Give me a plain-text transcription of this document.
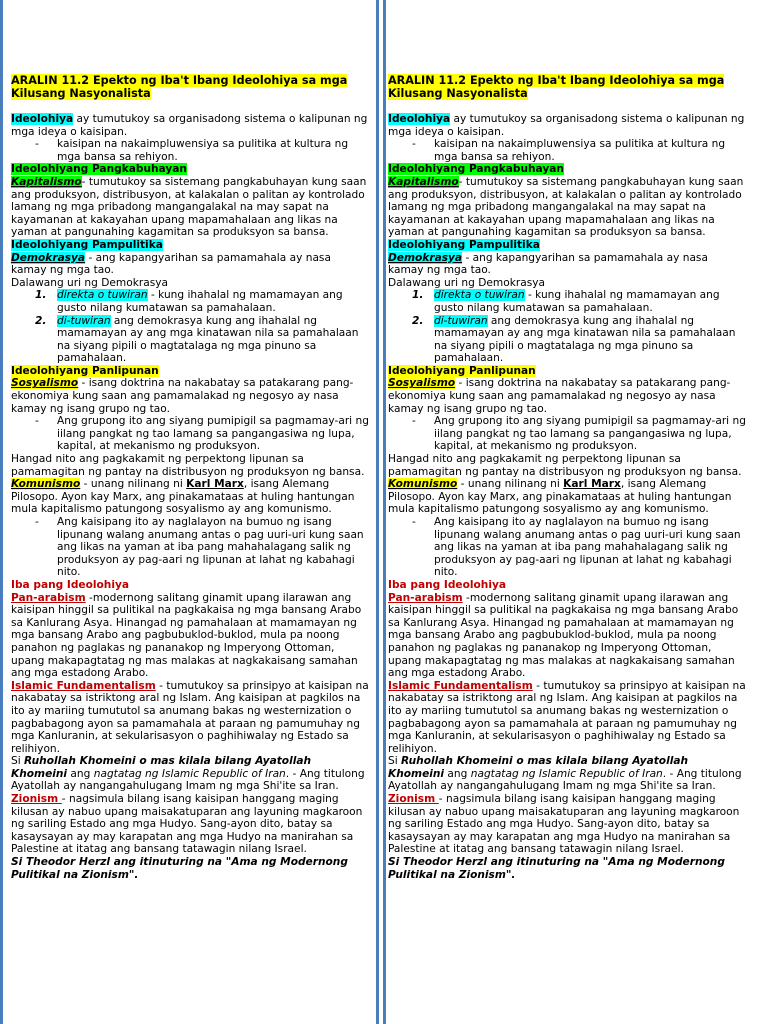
ARALIN 11.2 Epekto ng Iba't Ibang Ideolohiya sa mga Kilusang Nasyonalista

Ideolohiya ay tumutukoy sa organisadong sistema o kalipunan ng mga ideya o kaisipan.

- kaisipan na nakaimpluwensiya sa pulitika at kultura ng mga bansa sa rehiyon.

Ideolohiyang Pangkabuhayan

Kapitalismo- tumutukoy sa sistemang pangkabuhayan kung saan ang produksyon, distribusyon, at kalakalan o palitan ay kontrolado lamang ng mga pribadong mangangalakal na may sapat na kayamanan at kakayahan upang mapamahalaan ang likas na yaman at pangunahing kagamitan sa produksyon sa bansa.

Ideolohiyang Pampulitika

Demokrasya - ang kapangyarihan sa pamamahala ay nasa kamay ng mga tao.

Dalawang uri ng Demokrasya

1. direkta o tuwiran - kung ihahalal ng mamamayan ang gusto nilang kumatawan sa pamahalaan.
2. di-tuwiran ang demokrasya kung ang ihahalal ng mamamayan ay ang mga kinatawan nila sa pamahalaan na siyang pipili o magtatalaga ng mga pinuno sa pamahalaan.

Ideolohiyang Panlipunan

Sosyalismo - isang doktrina na nakabatay sa patakarang pang-ekonomiya kung saan ang pamamalakad ng negosyo ay nasa kamay ng isang grupo ng tao.

- Ang grupong ito ang siyang pumipigil sa pagmamay-ari ng iilang pangkat ng tao lamang sa pangangasiwa ng lupa, kapital, at mekanismo ng produksyon.

Hangad nito ang pagkakamit ng perpektong lipunan sa pamamagitan ng pantay na distribusyon ng produksyon ng bansa.

Komunismo - unang nilinang ni Karl Marx, isang Alemang Pilosopo. Ayon kay Marx, ang pinakamataas at huling hantungan mula kapitalismo patungong sosyalismo ay ang komunismo.

- Ang kaisipang ito ay naglalayon na bumuo ng isang lipunang walang anumang antas o pag uuri-uri kung saan ang likas na yaman at iba pang mahahalagang salik ng produksyon ay pag-aari ng lipunan at lahat ng kabahagi nito.

Iba pang Ideolohiya

Pan-arabism -modernong salitang ginamit upang ilarawan ang kaisipan hinggil sa pulitikal na pagkakaisa ng mga bansang Arabo sa Kanlurang Asya. Hinangad ng pamahalaan at mamamayan ng mga bansang Arabo ang pagbubuklod-buklod, mula pa noong panahon ng paglakas ng pananakop ng Imperyong Ottoman, upang makapagtatag ng mas malakas at nagkakaisang samahan ang mga estadong Arabo.

Islamic Fundamentalism - tumutukoy sa prinsipyo at kaisipan na nakabatay sa istriktong aral ng Islam. Ang kaisipan at pagkilos na ito ay mariing tumututol sa anumang bakas ng westernization o pagbabagong ayon sa pamamahala at paraan ng pamumuhay ng mga Kanluranin, at sekularisasyon o paghihiwalay ng Estado sa relihiyon.

Si Ruhollah Khomeini o mas kilala bilang Ayatollah Khomeini ang nagtatag ng Islamic Republic of Iran. - Ang titulong Ayatollah ay nangangahulugang Imam ng mga Shi'ite sa Iran.

Zionism - nagsimula bilang isang kaisipan hanggang maging kilusan ay nabuo upang maisakatuparan ang layuning magkaroon ng sariling Estado ang mga Hudyo. Sang-ayon dito, batay sa kasaysayan ay may karapatan ang mga Hudyo na manirahan sa Palestine at itatag ang bansang tatawagin nilang Israel.

Si Theodor Herzl ang itinuturing na "Ama ng Modernong Pulitikal na Zionism".

ARALIN 11.2 Epekto ng Iba't Ibang Ideolohiya sa mga Kilusang Nasyonalista

Ideolohiya ay tumutukoy sa organisadong sistema o kalipunan ng mga ideya o kaisipan.

- kaisipan na nakaimpluwensiya sa pulitika at kultura ng mga bansa sa rehiyon.

Ideolohiyang Pangkabuhayan

Kapitalismo- tumutukoy sa sistemang pangkabuhayan kung saan ang produksyon, distribusyon, at kalakalan o palitan ay kontrolado lamang ng mga pribadong mangangalakal na may sapat na kayamanan at kakayahan upang mapamahalaan ang likas na yaman at pangunahing kagamitan sa produksyon sa bansa.

Ideolohiyang Pampulitika

Demokrasya - ang kapangyarihan sa pamamahala ay nasa kamay ng mga tao.

Dalawang uri ng Demokrasya

1. direkta o tuwiran - kung ihahalal ng mamamayan ang gusto nilang kumatawan sa pamahalaan.
2. di-tuwiran ang demokrasya kung ang ihahalal ng mamamayan ay ang mga kinatawan nila sa pamahalaan na siyang pipili o magtatalaga ng mga pinuno sa pamahalaan.

Ideolohiyang Panlipunan

Sosyalismo - isang doktrina na nakabatay sa patakarang pang-ekonomiya kung saan ang pamamalakad ng negosyo ay nasa kamay ng isang grupo ng tao.

- Ang grupong ito ang siyang pumipigil sa pagmamay-ari ng iilang pangkat ng tao lamang sa pangangasiwa ng lupa, kapital, at mekanismo ng produksyon.

Hangad nito ang pagkakamit ng perpektong lipunan sa pamamagitan ng pantay na distribusyon ng produksyon ng bansa.

Komunismo - unang nilinang ni Karl Marx, isang Alemang Pilosopo. Ayon kay Marx, ang pinakamataas at huling hantungan mula kapitalismo patungong sosyalismo ay ang komunismo.

- Ang kaisipang ito ay naglalayon na bumuo ng isang lipunang walang anumang antas o pag uuri-uri kung saan ang likas na yaman at iba pang mahahalagang salik ng produksyon ay pag-aari ng lipunan at lahat ng kabahagi nito.

Iba pang Ideolohiya

Pan-arabism -modernong salitang ginamit upang ilarawan ang kaisipan hinggil sa pulitikal na pagkakaisa ng mga bansang Arabo sa Kanlurang Asya. Hinangad ng pamahalaan at mamamayan ng mga bansang Arabo ang pagbubuklod-buklod, mula pa noong panahon ng paglakas ng pananakop ng Imperyong Ottoman, upang makapagtatag ng mas malakas at nagkakaisang samahan ang mga estadong Arabo.

Islamic Fundamentalism - tumutukoy sa prinsipyo at kaisipan na nakabatay sa istriktong aral ng Islam. Ang kaisipan at pagkilos na ito ay mariing tumututol sa anumang bakas ng westernization o pagbabagong ayon sa pamamahala at paraan ng pamumuhay ng mga Kanluranin, at sekularisasyon o paghihiwalay ng Estado sa relihiyon.

Si Ruhollah Khomeini o mas kilala bilang Ayatollah Khomeini ang nagtatag ng Islamic Republic of Iran. - Ang titulong Ayatollah ay nangangahulugang Imam ng mga Shi'ite sa Iran.

Zionism - nagsimula bilang isang kaisipan hanggang maging kilusan ay nabuo upang maisakatuparan ang layuning magkaroon ng sariling Estado ang mga Hudyo. Sang-ayon dito, batay sa kasaysayan ay may karapatan ang mga Hudyo na manirahan sa Palestine at itatag ang bansang tatawagin nilang Israel.

Si Theodor Herzl ang itinuturing na "Ama ng Modernong Pulitikal na Zionism".
